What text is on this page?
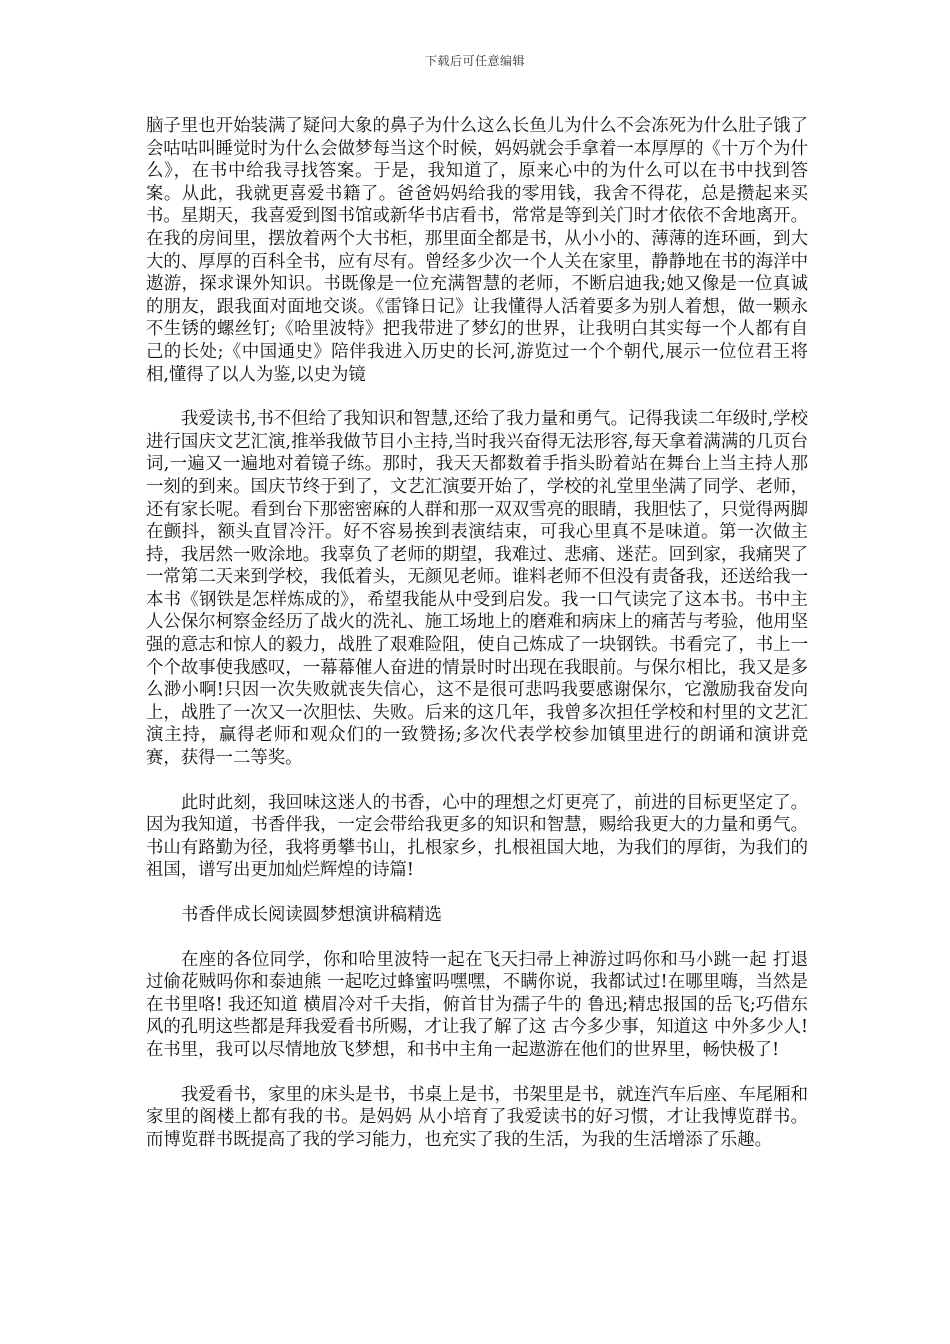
下载后可任意编辑

脑子里也开始装满了疑问大象的鼻子为什么这么长鱼儿为什么不会冻死为什么肚子饿了会咕咕叫睡觉时为什么会做梦每当这个时候，妈妈就会手拿着一本厚厚的《十万个为什么》，在书中给我寻找答案。于是，我知道了，原来心中的为什么可以在书中找到答案。从此，我就更喜爱书籍了。爸爸妈妈给我的零用钱，我舍不得花，总是攒起来买书。星期天，我喜爱到图书馆或新华书店看书，常常是等到关门时才依依不舍地离开。在我的房间里，摆放着两个大书柜，那里面全都是书，从小小的、薄薄的连环画，到大大的、厚厚的百科全书，应有尽有。曾经多少次一个人关在家里，静静地在书的海洋中遨游，探求课外知识。书既像是一位充满智慧的老师，不断启迪我;她又像是一位真诚的朋友，跟我面对面地交谈。《雷锋日记》让我懂得人活着要多为别人着想，做一颗永不生锈的螺丝钉;《哈里波特》把我带进了梦幻的世界，让我明白其实每一个人都有自己的长处;《中国通史》陪伴我进入历史的长河,游览过一个个朝代,展示一位位君王将相,懂得了以人为鉴,以史为镜

我爱读书,书不但给了我知识和智慧,还给了我力量和勇气。记得我读二年级时,学校进行国庆文艺汇演,推举我做节目小主持,当时我兴奋得无法形容,每天拿着满满的几页台词,一遍又一遍地对着镜子练。那时，我天天都数着手指头盼着站在舞台上当主持人那一刻的到来。国庆节终于到了，文艺汇演要开始了，学校的礼堂里坐满了同学、老师，还有家长呢。看到台下那密密麻的人群和那一双双雪亮的眼睛，我胆怯了，只觉得两脚在颤抖，额头直冒冷汗。好不容易挨到表演结束，可我心里真不是味道。第一次做主持，我居然一败涂地。我辜负了老师的期望，我难过、悲痛、迷茫。回到家，我痛哭了一常第二天来到学校，我低着头，无颜见老师。谁料老师不但没有责备我，还送给我一本书《钢铁是怎样炼成的》，希望我能从中受到启发。我一口气读完了这本书。书中主人公保尔柯察金经历了战火的洗礼、施工场地上的磨难和病床上的痛苦与考验，他用坚强的意志和惊人的毅力，战胜了艰难险阻，使自己炼成了一块钢铁。书看完了，书上一个个故事使我感叹，一幕幕催人奋进的情景时时出现在我眼前。与保尔相比，我又是多么渺小啊!只因一次失败就丧失信心，这不是很可悲吗我要感谢保尔，它激励我奋发向上，战胜了一次又一次胆怯、失败。后来的这几年，我曾多次担任学校和村里的文艺汇演主持，赢得老师和观众们的一致赞扬;多次代表学校参加镇里进行的朗诵和演讲竞赛，获得一二等奖。

此时此刻，我回味这迷人的书香，心中的理想之灯更亮了，前进的目标更坚定了。因为我知道，书香伴我，一定会带给我更多的知识和智慧，赐给我更大的力量和勇气。书山有路勤为径，我将勇攀书山，扎根家乡，扎根祖国大地，为我们的厚街，为我们的祖国，谱写出更加灿烂辉煌的诗篇!

书香伴成长阅读圆梦想演讲稿精选

在座的各位同学，你和哈里波特一起在飞天扫帚上神游过吗你和马小跳一起 打退过偷花贼吗你和泰迪熊 一起吃过蜂蜜吗嘿嘿，不瞒你说，我都试过!在哪里嗨，当然是在书里咯! 我还知道 横眉冷对千夫指，俯首甘为孺子牛的 鲁迅;精忠报国的岳飞;巧借东风的孔明这些都是拜我爱看书所赐，才让我了解了这 古今多少事，知道这 中外多少人!在书里，我可以尽情地放飞梦想，和书中主角一起遨游在他们的世界里，畅快极了!

我爱看书，家里的床头是书，书桌上是书，书架里是书，就连汽车后座、车尾厢和家里的阁楼上都有我的书。是妈妈 从小培育了我爱读书的好习惯，才让我博览群书。而博览群书既提高了我的学习能力，也充实了我的生活，为我的生活增添了乐趣。
